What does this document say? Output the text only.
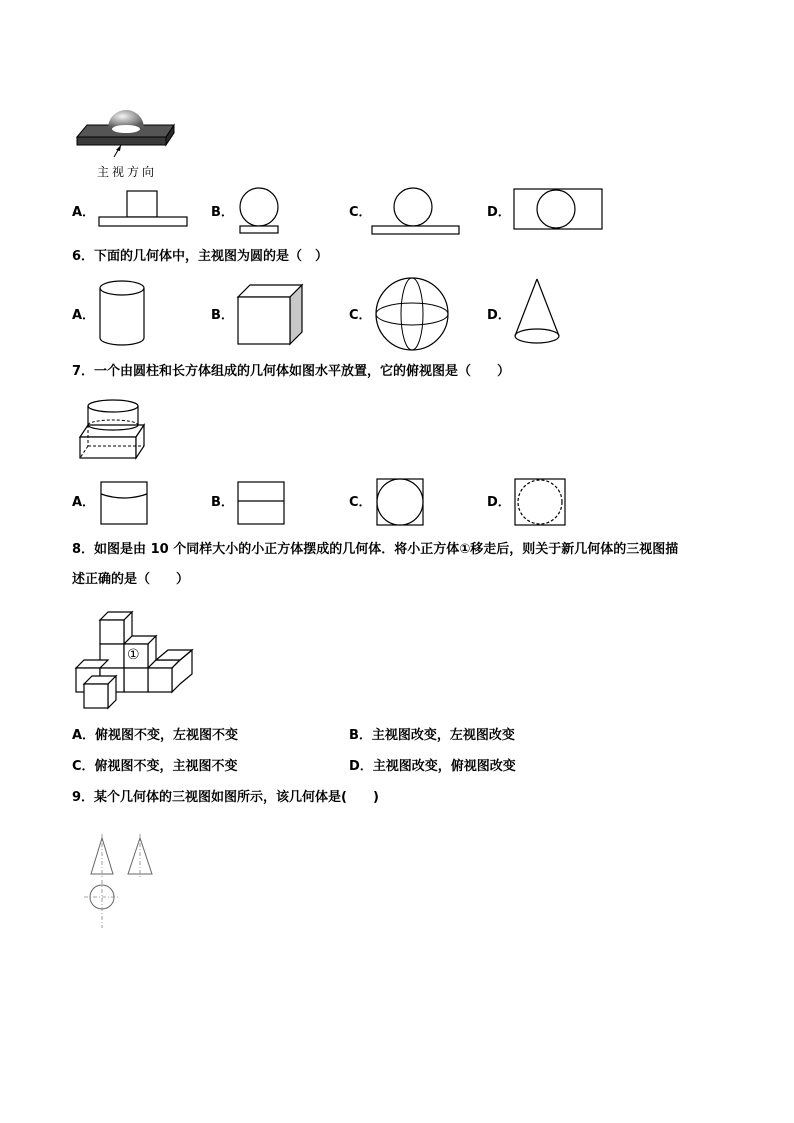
主视方向
A．	B．	C．	D．
6．下面的几何体中，主视图为圆的是（　）
A．	B．	C．	D．
7．一个由圆柱和长方体组成的几何体如图水平放置，它的俯视图是（　　）
A．	B．	C．	D．
8．如图是由 10 个同样大小的小正方体摆成的几何体．将小正方体①移走后，则关于新几何体的三视图描
述正确的是（　　）
①
A．俯视图不变，左视图不变	B．主视图改变，左视图改变
C．俯视图不变，主视图不变	D．主视图改变，俯视图改变
9．某个几何体的三视图如图所示，该几何体是(　　)
